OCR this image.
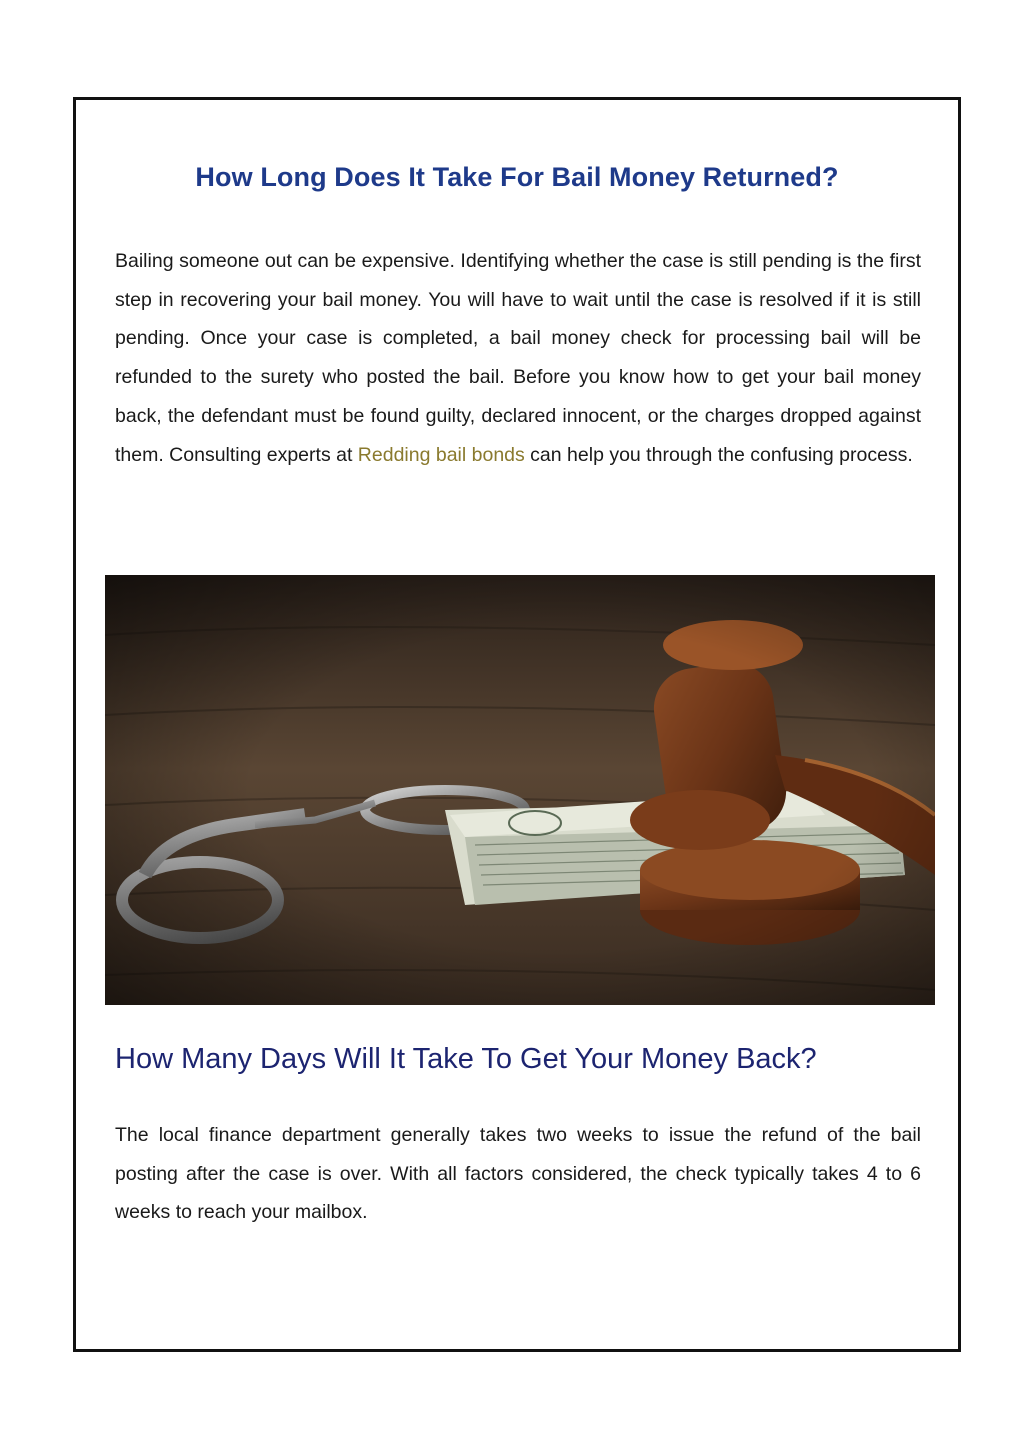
How Long Does It Take For Bail Money Returned?

Bailing someone out can be expensive. Identifying whether the case is still pending is the first step in recovering your bail money. You will have to wait until the case is resolved if it is still pending. Once your case is completed, a bail money check for processing bail will be refunded to the surety who posted the bail. Before you know how to get your bail money back, the defendant must be found guilty, declared innocent, or the charges dropped against them. Consulting experts at Redding bail bonds can help you through the confusing process.

How Many Days Will It Take To Get Your Money Back?

The local finance department generally takes two weeks to issue the refund of the bail posting after the case is over. With all factors considered, the check typically takes 4 to 6 weeks to reach your mailbox.
